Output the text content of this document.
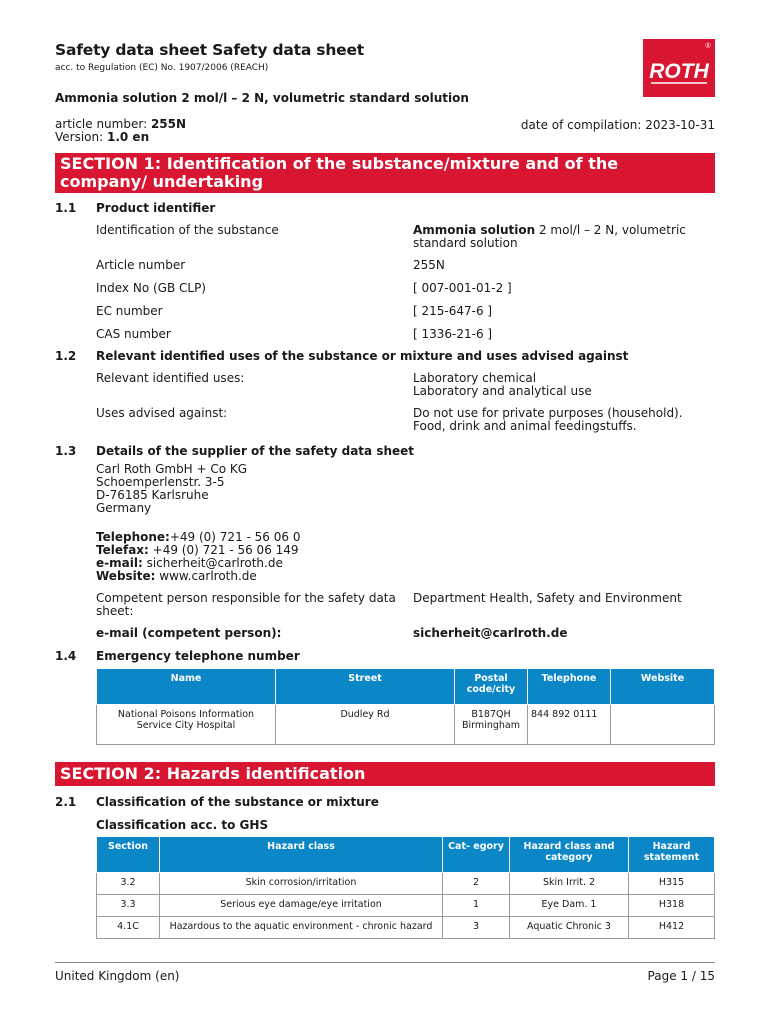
Safety data sheet Safety data sheet
acc. to Regulation (EC) No. 1907/2006 (REACH)	ROTH
®
Ammonia solution 2 mol/l – 2 N, volumetric standard solution
article number: 255N
Version: 1.0 en
date of compilation: 2023-10-31
SECTION 1: Identification of the substance/mixture and of the company/ undertaking
1.1 Product identifier
Identification of the substance	Ammonia solution 2 mol/l – 2 N, volumetric standard solution
Article number	255N
Index No (GB CLP)	[ 007-001-01-2 ]
EC number	[ 215-647-6 ]
CAS number	[ 1336-21-6 ]
1.2 Relevant identified uses of the substance or mixture and uses advised against
Relevant identified uses:	Laboratory chemical
Laboratory and analytical use
Uses advised against:	Do not use for private purposes (household).
Food, drink and animal feedingstuffs.
1.3 Details of the supplier of the safety data sheet
Carl Roth GmbH + Co KG
Schoemperlenstr. 3-5
D-76185 Karlsruhe
Germany
Telephone:+49 (0) 721 - 56 06 0
Telefax: +49 (0) 721 - 56 06 149
e-mail: sicherheit@carlroth.de
Website: www.carlroth.de
Competent person responsible for the safety data
sheet:
Department Health, Safety and Environment
e-mail (competent person):	sicherheit@carlroth.de
1.4 Emergency telephone number
Name	Street	Postal code/city	Telephone	Website
National Poisons Information Service City Hospital	Dudley Rd	B187QH Birmingham	844 892 0111	
SECTION 2: Hazards identification
2.1 Classification of the substance or mixture
Classification acc. to GHS
Section	Hazard class	Cat- egory	Hazard class and category	Hazard statement
3.2	Skin corrosion/irritation	2	Skin Irrit. 2	H315
3.3	Serious eye damage/eye irritation	1	Eye Dam. 1	H318
4.1C	Hazardous to the aquatic environment - chronic hazard	3	Aquatic Chronic 3	H412
United Kingdom (en)	Page 1 / 15
